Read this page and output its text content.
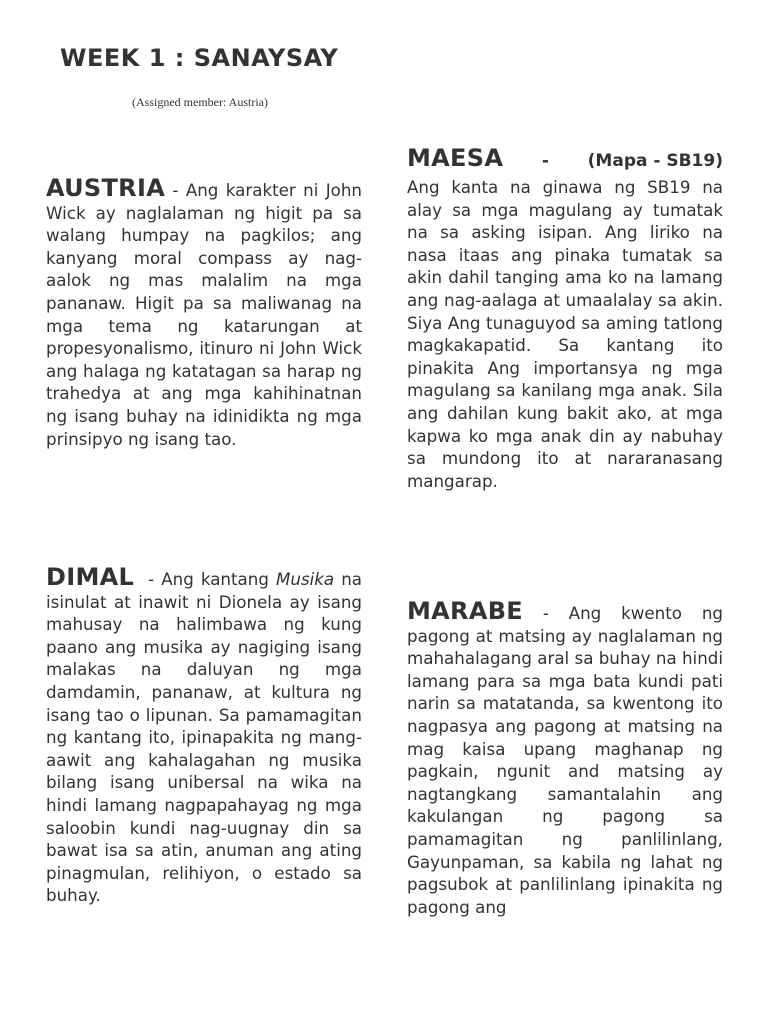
WEEK 1 : SANAYSAY
(Assigned member: Austria)

AUSTRIA - Ang karakter ni John Wick ay naglalaman ng higit pa sa walang humpay na pagkilos; ang kanyang moral compass ay nag-aalok ng mas malalim na mga pananaw. Higit pa sa maliwanag na mga tema ng katarungan at propesyonalismo, itinuro ni John Wick ang halaga ng katatagan sa harap ng trahedya at ang mga kahihinatnan ng isang buhay na idinidikta ng mga prinsipyo ng isang tao.

DIMAL  - Ang kantang Musika na isinulat at inawit ni Dionela ay isang mahusay na halimbawa ng kung paano ang musika ay nagiging isang malakas na daluyan ng mga damdamin, pananaw, at kultura ng isang tao o lipunan. Sa pamamagitan ng kantang ito, ipinapakita ng mang-aawit ang kahalagahan ng musika bilang isang unibersal na wika na hindi lamang nagpapahayag ng mga saloobin kundi nag-uugnay din sa bawat isa sa atin, anuman ang ating pinagmulan, relihiyon, o estado sa buhay.

MAESA - (Mapa - SB19)
Ang kanta na ginawa ng SB19 na alay sa mga magulang ay tumatak na sa asking isipan. Ang liriko na nasa itaas ang pinaka tumatak sa akin dahil tanging ama ko na lamang ang nag-aalaga at umaalalay sa akin. Siya Ang tunaguyod sa aming tatlong magkakapatid. Sa kantang ito pinakita Ang importansya ng mga magulang sa kanilang mga anak. Sila ang dahilan kung bakit ako, at mga kapwa ko mga anak din ay nabuhay sa mundong ito at nararanasang mangarap.

MARABE - Ang kwento ng pagong at matsing ay naglalaman ng mahahalagang aral sa buhay na hindi lamang para sa mga bata kundi pati narin sa matatanda, sa kwentong ito nagpasya ang pagong at matsing na mag kaisa upang maghanap ng pagkain, ngunit and matsing ay nagtangkang samantalahin ang kakulangan ng pagong sa pamamagitan ng panlilinlang, Gayunpaman, sa kabila ng lahat ng pagsubok at panlilinlang ipinakita ng pagong ang
